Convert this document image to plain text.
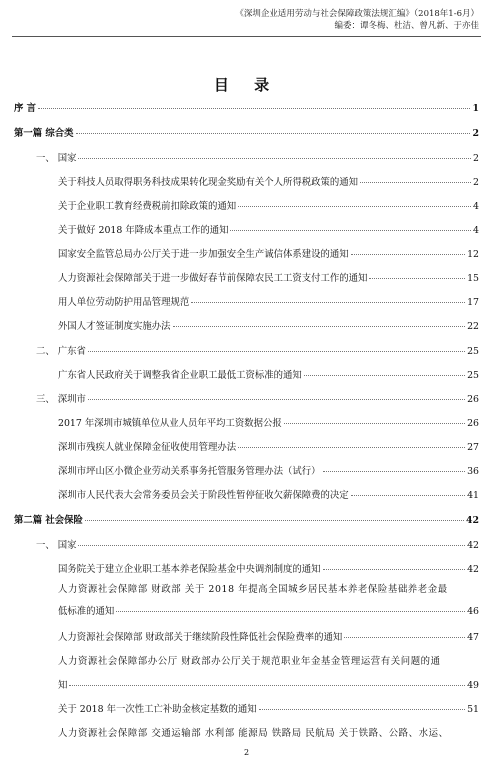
《深圳企业适用劳动与社会保障政策法规汇编》（2018年1-6月）
编委：谭冬梅、杜洁、曾凡新、于亦佳
目 录
序 言	1
第一篇 综合类	2
一、 国家	2
关于科技人员取得职务科技成果转化现金奖励有关个人所得税政策的通知	2
关于企业职工教育经费税前扣除政策的通知	4
关于做好 2018 年降成本重点工作的通知	4
国家安全监管总局办公厅关于进一步加强安全生产诚信体系建设的通知	12
人力资源社会保障部关于进一步做好春节前保障农民工工资支付工作的通知	15
用人单位劳动防护用品管理规范	17
外国人才签证制度实施办法	22
二、 广东省	25
广东省人民政府关于调整我省企业职工最低工资标准的通知	25
三、 深圳市	26
2017 年深圳市城镇单位从业人员年平均工资数据公报	26
深圳市残疾人就业保障金征收使用管理办法	27
深圳市坪山区小微企业劳动关系事务托管服务管理办法（试行）	36
深圳市人民代表大会常务委员会关于阶段性暂停征收欠薪保障费的决定	41
第二篇 社会保险	42
一、 国家	42
国务院关于建立企业职工基本养老保险基金中央调剂制度的通知	42
人力资源社会保障部 财政部 关于 2018 年提高全国城乡居民基本养老保险基础养老金最
低标准的通知	46
人力资源社会保障部 财政部关于继续阶段性降低社会保险费率的通知	47
人力资源社会保障部办公厅 财政部办公厅关于规范职业年金基金管理运营有关问题的通
知	49
关于 2018 年一次性工亡补助金核定基数的通知	51
人力资源社会保障部 交通运输部 水利部 能源局 铁路局 民航局 关于铁路、公路、水运、
2
